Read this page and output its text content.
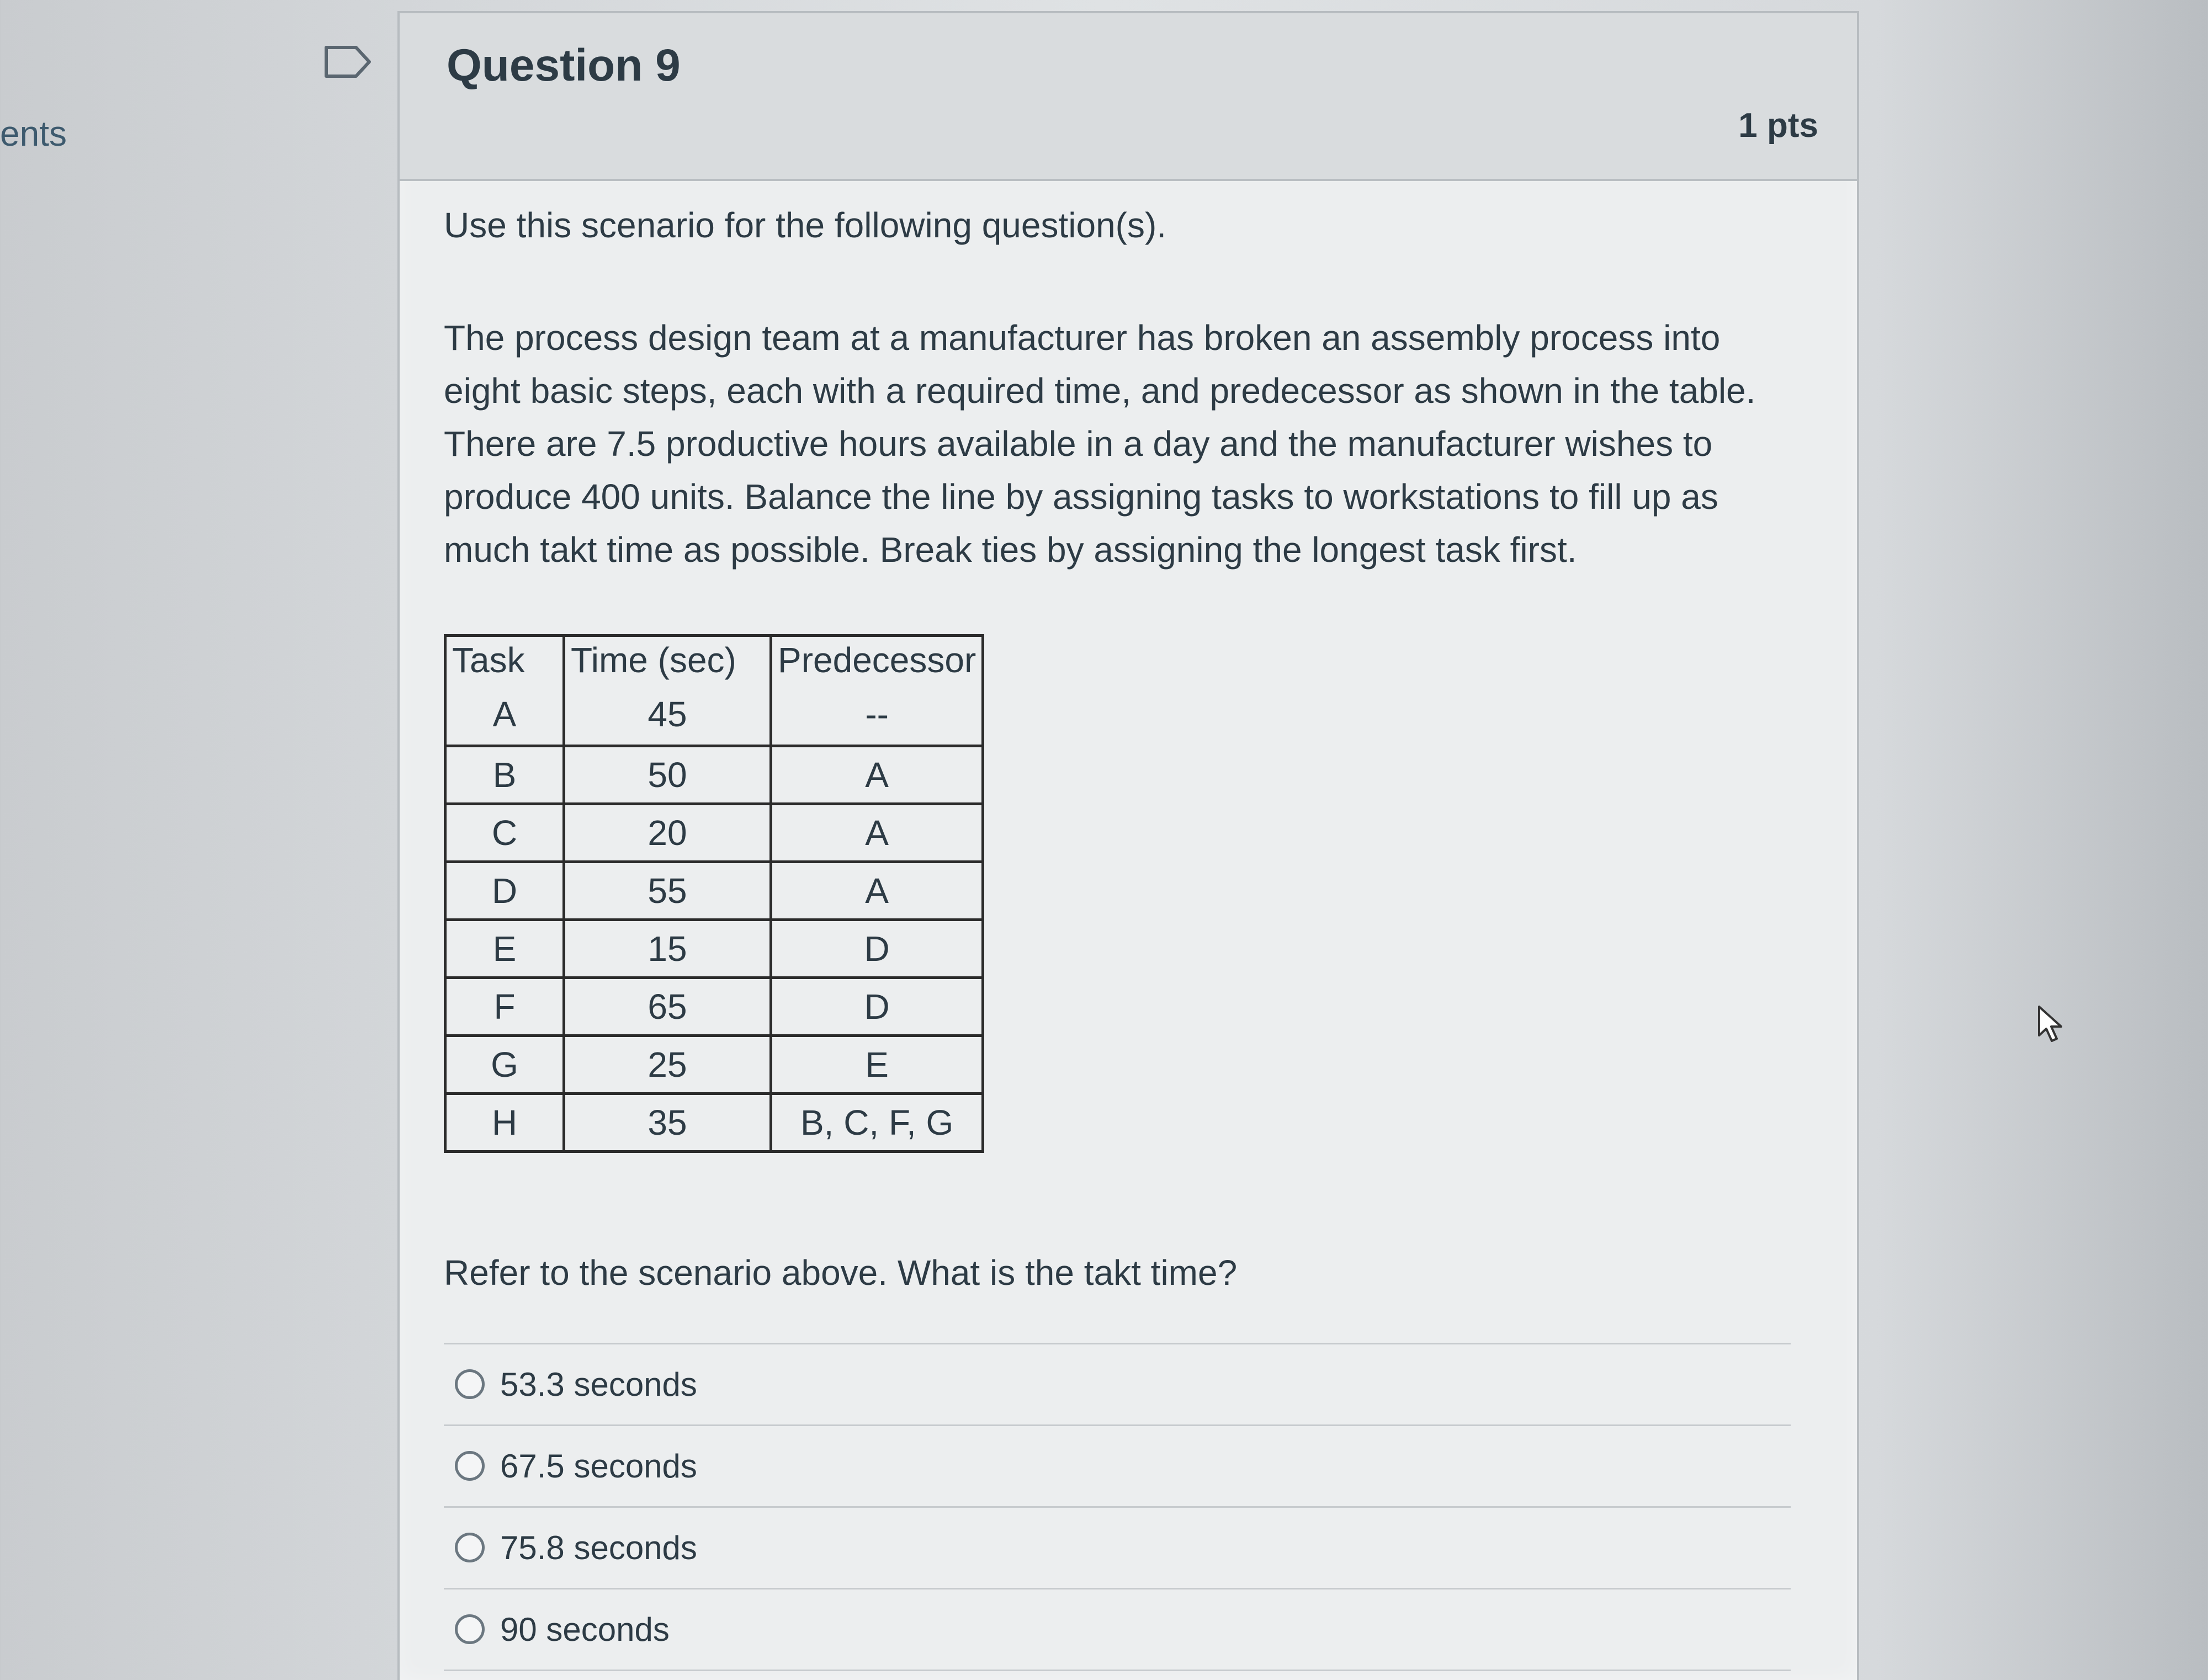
ents
Question 9
1 pts

Use this scenario for the following question(s).

The process design team at a manufacturer has broken an assembly process into eight basic steps, each with a required time, and predecessor as shown in the table. There are 7.5 productive hours available in a day and the manufacturer wishes to produce 400 units. Balance the line by assigning tasks to workstations to fill up as much takt time as possible. Break ties by assigning the longest task first.

Task	Time (sec)	Predecessor
A	45	--
B	50	A
C	20	A
D	55	A
E	15	D
F	65	D
G	25	E
H	35	B, C, F, G
Refer to the scenario above. What is the takt time?
53.3 seconds
67.5 seconds
75.8 seconds
90 seconds
